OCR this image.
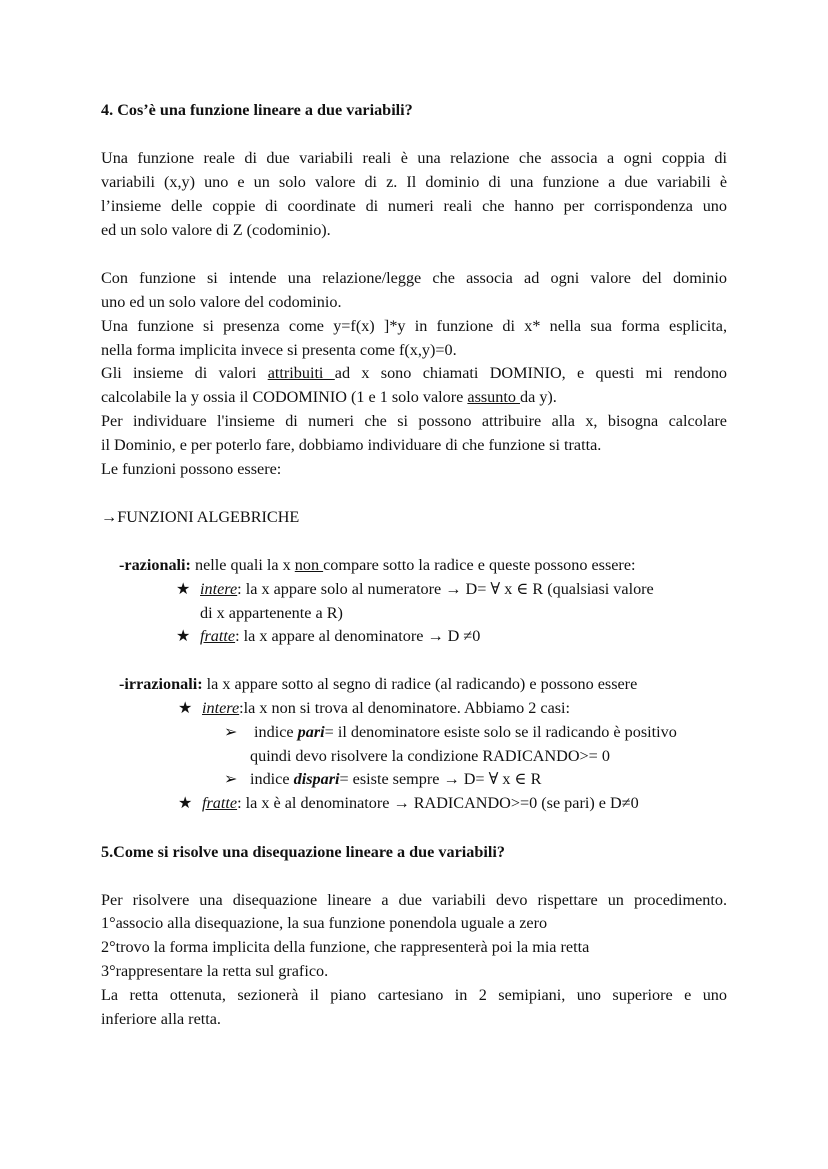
4. Cos’è una funzione lineare a due variabili?
Una funzione reale di due variabili reali è una relazione che associa a ogni coppia di
variabili (x,y) uno e un solo valore di z. Il dominio di una funzione a due variabili è
l’insieme delle coppie di coordinate di numeri reali che hanno per corrispondenza uno
ed un solo valore di Z (codominio).
Con funzione si intende una relazione/legge che associa ad ogni valore del dominio
uno ed un solo valore del codominio.
Una funzione si presenza come y=f(x) ]*y in funzione di x* nella sua forma esplicita,
nella forma implicita invece si presenta come f(x,y)=0.
Gli insieme di valori attribuiti ad x sono chiamati DOMINIO, e questi mi rendono
calcolabile la y ossia il CODOMINIO (1 e 1 solo valore assunto da y).
Per individuare l'insieme di numeri che si possono attribuire alla x, bisogna calcolare
il Dominio, e per poterlo fare, dobbiamo individuare di che funzione si tratta.
Le funzioni possono essere:
→FUNZIONI ALGEBRICHE
-razionali: nelle quali la x non compare sotto la radice e queste possono essere:
★ intere: la x appare solo al numeratore → D= ∀ x ∈ R (qualsiasi valore
di x appartenente a R)
★ fratte: la x appare al denominatore → D ≠0
-irrazionali: la x appare sotto al segno di radice (al radicando) e possono essere
★ intere:la x non si trova al denominatore. Abbiamo 2 casi:
➢ indice pari= il denominatore esiste solo se il radicando è positivo
quindi devo risolvere la condizione RADICANDO>= 0
➢ indice dispari= esiste sempre → D= ∀ x ∈ R
★ fratte: la x è al denominatore → RADICANDO>=0 (se pari) e D≠0
5.Come si risolve una disequazione lineare a due variabili?
Per risolvere una disequazione lineare a due variabili devo rispettare un procedimento.
1°associo alla disequazione, la sua funzione ponendola uguale a zero
2°trovo la forma implicita della funzione, che rappresenterà poi la mia retta
3°rappresentare la retta sul grafico.
La retta ottenuta, sezionerà il piano cartesiano in 2 semipiani, uno superiore e uno
inferiore alla retta.
